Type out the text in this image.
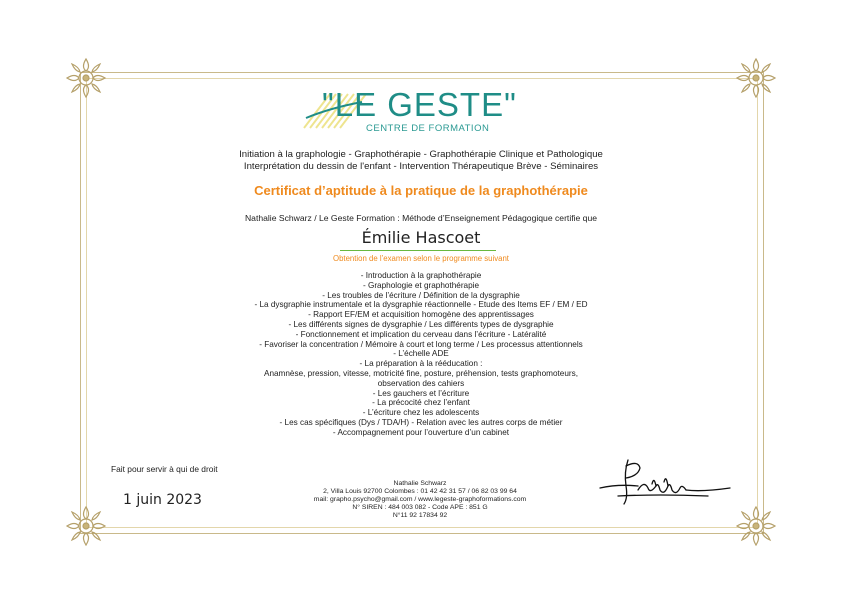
"LE GESTE"
CENTRE DE FORMATION
Initiation à la graphologie - Graphothérapie - Graphothérapie Clinique et Pathologique
Interprétation du dessin de l'enfant - Intervention Thérapeutique Brève - Séminaires
Certificat d’aptitude à la pratique de la graphothérapie
Nathalie Schwarz / Le Geste Formation : Méthode d’Enseignement Pédagogique certifie que
Émilie Hascoet
Obtention de l’examen selon le programme suivant
- Introduction à la graphothérapie
- Graphologie et graphothérapie
- Les troubles de l’écriture / Définition de la dysgraphie
- La dysgraphie instrumentale et la dysgraphie réactionnelle - Etude des Items EF / EM / ED
- Rapport EF/EM et acquisition homogène des apprentissages
- Les différents signes de dysgraphie / Les différents types de dysgraphie
- Fonctionnement et implication du cerveau dans l’écriture - Latéralité
- Favoriser la concentration / Mémoire à court et long terme / Les processus attentionnels
- L’échelle ADE
- La préparation à la rééducation :
Anamnèse, pression, vitesse, motricité fine, posture, préhension, tests graphomoteurs,
observation des cahiers
- Les gauchers et l’écriture
- La précocité chez l’enfant
- L’écriture chez les adolescents
- Les cas spécifiques (Dys / TDA/H) - Relation avec les autres corps de métier
- Accompagnement pour l’ouverture d’un cabinet
Fait pour servir à qui de droit
1 juin 2023
Nathalie Schwarz
2, Villa Louis 92700 Colombes : 01 42 42 31 57 / 06 82 03 99 64
mail: grapho.psycho@gmail.com / www.legeste-graphoformations.com
N° SIREN : 484 003 082 - Code APE : 851 G
N°11 92 17834 92
